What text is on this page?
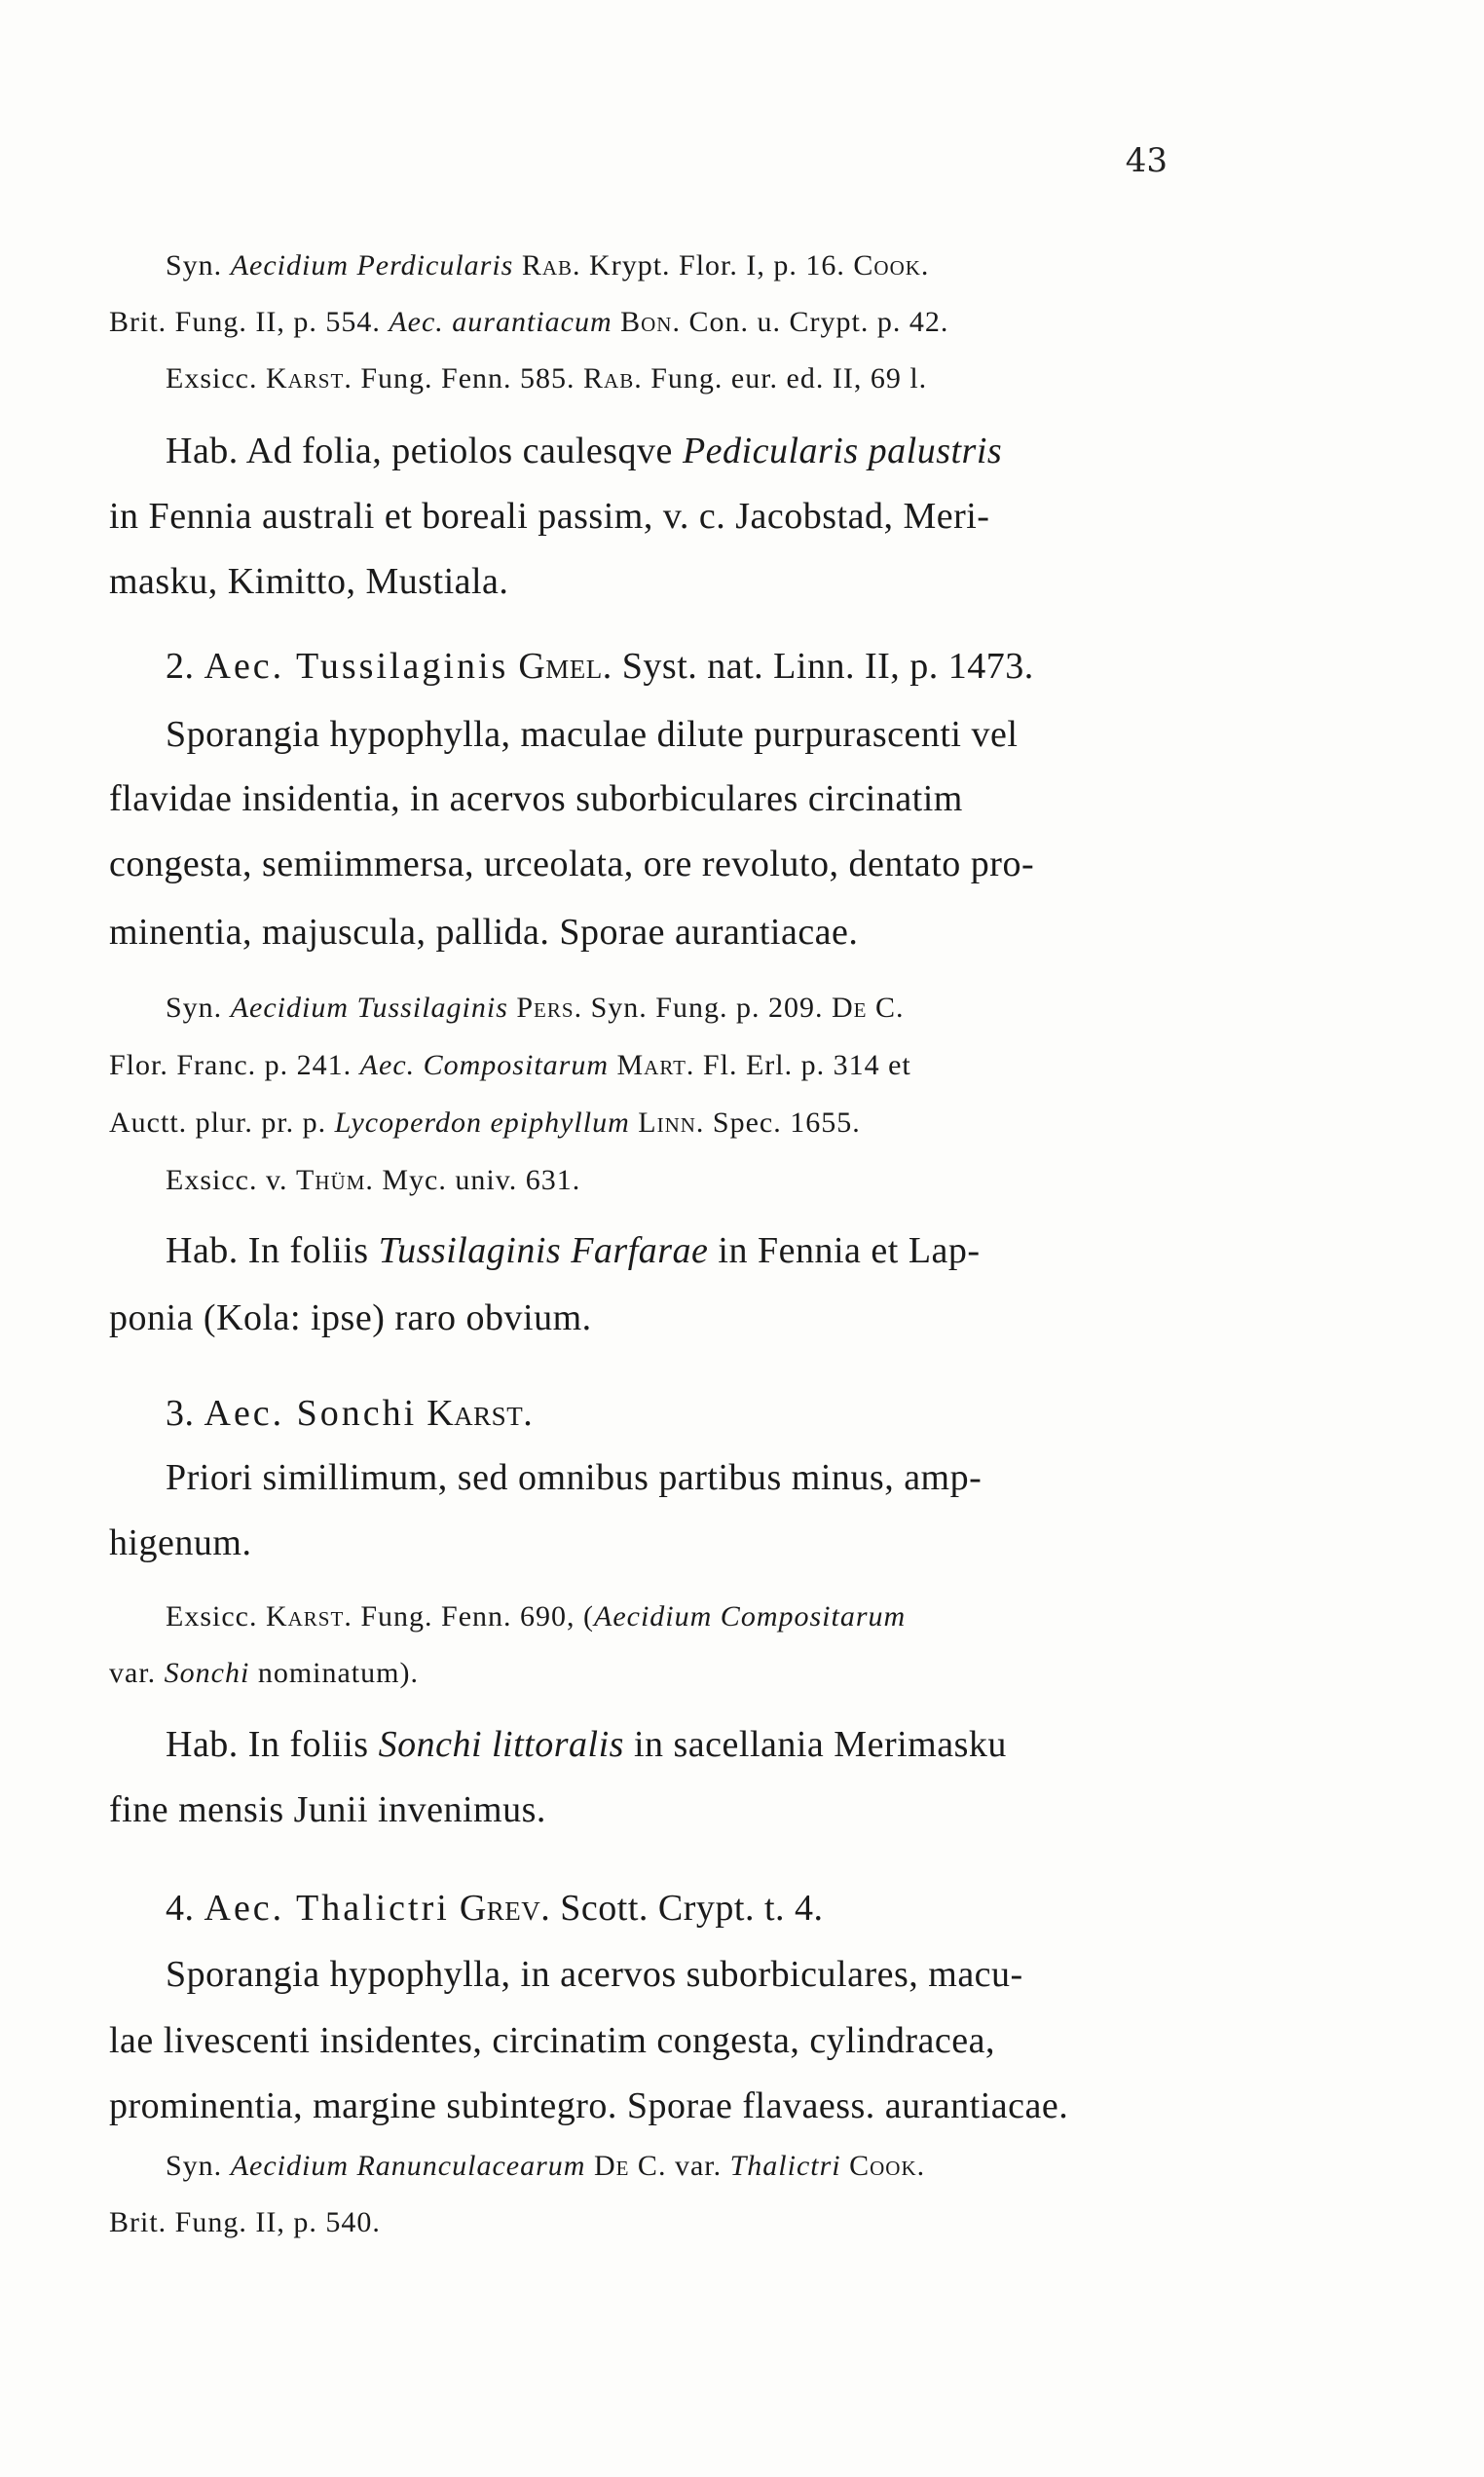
43
Syn. Aecidium Perdicularis Rab. Krypt. Flor. I, p. 16. Cook.
Brit. Fung. II, p. 554. Aec. aurantiacum Bon. Con. u. Crypt. p. 42.
Exsicc. Karst. Fung. Fenn. 585. Rab. Fung. eur. ed. II, 69 l.
Hab. Ad folia, petiolos caulesqve Pedicularis palustris
in Fennia australi et boreali passim, v. c. Jacobstad, Meri-
masku, Kimitto, Mustiala.
2. Aec. Tussilaginis Gmel. Syst. nat. Linn. II, p. 1473.
Sporangia hypophylla, maculae dilute purpurascenti vel
flavidae insidentia, in acervos suborbiculares circinatim
congesta, semiimmersa, urceolata, ore revoluto, dentato pro-
minentia, majuscula, pallida. Sporae aurantiacae.
Syn. Aecidium Tussilaginis Pers. Syn. Fung. p. 209. De C.
Flor. Franc. p. 241. Aec. Compositarum Mart. Fl. Erl. p. 314 et
Auctt. plur. pr. p. Lycoperdon epiphyllum Linn. Spec. 1655.
Exsicc. v. Thüm. Myc. univ. 631.
Hab. In foliis Tussilaginis Farfarae in Fennia et Lap-
ponia (Kola: ipse) raro obvium.
3. Aec. Sonchi Karst.
Priori simillimum, sed omnibus partibus minus, amp-
higenum.
Exsicc. Karst. Fung. Fenn. 690, (Aecidium Compositarum
var. Sonchi nominatum).
Hab. In foliis Sonchi littoralis in sacellania Merimasku
fine mensis Junii invenimus.
4. Aec. Thalictri Grev. Scott. Crypt. t. 4.
Sporangia hypophylla, in acervos suborbiculares, macu-
lae livescenti insidentes, circinatim congesta, cylindracea,
prominentia, margine subintegro. Sporae flavaess. aurantiacae.
Syn. Aecidium Ranunculacearum De C. var. Thalictri Cook.
Brit. Fung. II, p. 540.
